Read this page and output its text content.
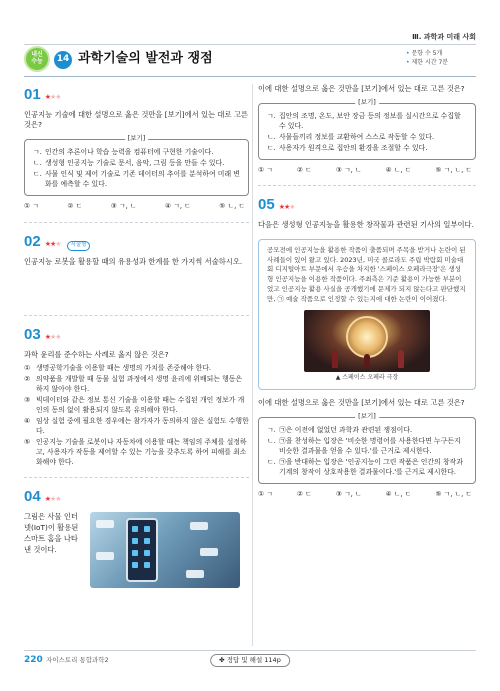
Ⅲ. 과학과 미래 사회
내신
수능	14 과학기술의 발전과 쟁점
•	문항 수 5개
• 제한 시간 7분
01 ★★★
인공지능 기술에 대한 설명으로 옳은 것만을 [보기]에서 있는 대로 고른 것은?
[보기]
ㄱ. 인간의 추론이나 학습 능력을 컴퓨터에 구현한 기술이다.
ㄴ. 생성형 인공지능 기술로 문서, 음악, 그림 등을 만들 수 있다.
ㄷ. 사물 인식 및 제어 기술로 기존 데이터의 추이를 분석하여 미래 변화를 예측할 수 있다.
① ㄱ	② ㄷ	③ ㄱ, ㄴ	④ ㄱ, ㄷ	⑤ ㄴ, ㄷ
02 ★★★	서술형
인공지능 로봇을 활용할 때의 유용성과 한계를 한 가지씩 서술하시오.
03 ★★★
과학 윤리를 준수하는 사례로 옳지 않은 것은?
① 생명공학기술을 이용할 때는 생명의 가치를 존중해야 한다.
② 의약품을 개발할 때 동물 실험 과정에서 생명 윤리에 위배되는 행동은 하지 않아야 한다.
③ 빅데이터와 같은 정보 통신 기술을 이용할 때는 수집된 개인 정보가 개인의 동의 없이 활용되지 않도록 유의해야 한다.
④ 임상 실험 중에 필요한 경우에는 참가자가 동의하지 않은 실험도 수행한다.
⑤ 인공지능 기술을 로봇이나 자동차에 이용할 때는 책임의 주체를 설정하고, 사용자가 작동을 제어할 수 있는 기능을 갖추도록 하여 피해를 최소화해야 한다.
04 ★★★
그림은 사물 인터넷(IoT)이 활용된 스마트 홈을 나타낸 것이다.
이에 대한 설명으로 옳은 것만을 [보기]에서 있는 대로 고른 것은?
[보기]
ㄱ. 집안의 조명, 온도, 보안 장금 등의 정보를 실시간으로 수집할 수 있다.
ㄴ. 사물들끼리 정보를 교환하여 스스로 작동할 수 있다.
ㄷ. 사용자가 원격으로 집안의 환경을 조절할 수 있다.
① ㄱ	② ㄷ	③ ㄱ, ㄴ	④ ㄴ, ㄷ	⑤ ㄱ, ㄴ, ㄷ
05 ★★★
다음은 생성형 인공지능을 활용한 창작물과 관련된 기사의 일부이다.

공모전에 인공지능을 활용한 작품이 출품되며 주목을 받거나 논란이 된 사례들이 있어 왔고 있다. 2023년, 미국 콜로라도 주립 박람회 미술대회 디지털아트 부문에서 우승을 차지한 '스페이스 오페라극장'은 생성형 인공지능을 이용한 작품이다. 주최측은 기준 활용이 가능한 부분이었고 인공지능 활용 사실을 공개했기에 문제가 되지 않는다고 판단했지만, ㉠ 예술 작품으로 인정할 수 있는지에 대한 논란이 이어졌다.

▲ 스페이스 오페라 극장
이에 대한 설명으로 옳은 것만을 [보기]에서 있는 대로 고른 것은?
[보기]
ㄱ. ㉠은 이전에 없었던 과학과 관련된 쟁점이다.
ㄴ. ㉠을 찬성하는 입장은 '비슷한 명령어를 사용한다면 누구든지 비슷한 결과물을 얻을 수 있다.'를 근거로 제시한다.
ㄷ. ㉠을 반대하는 입장은 '인공지능이 그린 작품은 인간의 창작과 기계의 창작이 상호작용한 결과물이다.'를 근거로 제시한다.
① ㄱ	② ㄷ	③ ㄱ, ㄴ	④ ㄴ, ㄷ	⑤ ㄱ, ㄴ, ㄷ
220 자이스토리 통합과학2	✤ 정답 및 해설 114p
